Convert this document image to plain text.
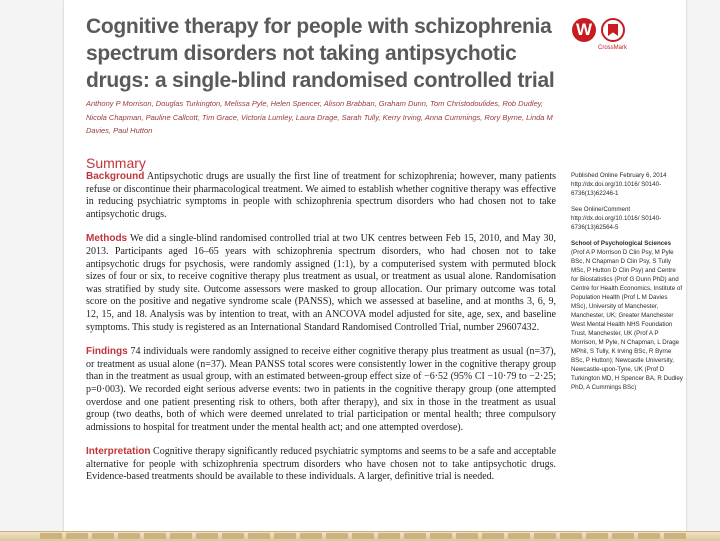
Cognitive therapy for people with schizophrenia spectrum disorders not taking antipsychotic drugs: a single-blind randomised controlled trial
W
CrossMark

Anthony P Morrison, Douglas Turkington, Melissa Pyle, Helen Spencer, Alison Brabban, Graham Dunn, Tom Christodoulides, Rob Dudley, Nicola Chapman, Pauline Callcott, Tim Grace, Victoria Lumley, Laura Drage, Sarah Tully, Kerry Irving, Anna Cummings, Rory Byrne, Linda M Davies, Paul Hutton

Summary

Background Antipsychotic drugs are usually the first line of treatment for schizophrenia; however, many patients refuse or discontinue their pharmacological treatment. We aimed to establish whether cognitive therapy was effective in reducing psychiatric symptoms in people with schizophrenia spectrum disorders who had chosen not to take antipsychotic drugs.

Methods We did a single-blind randomised controlled trial at two UK centres between Feb 15, 2010, and May 30, 2013. Participants aged 16–65 years with schizophrenia spectrum disorders, who had chosen not to take antipsychotic drugs for psychosis, were randomly assigned (1:1), by a computerised system with permuted block sizes of four or six, to receive cognitive therapy plus treatment as usual, or treatment as usual alone. Randomisation was stratified by study site. Outcome assessors were masked to group allocation. Our primary outcome was total score on the positive and negative syndrome scale (PANSS), which we assessed at baseline, and at months 3, 6, 9, 12, 15, and 18. Analysis was by intention to treat, with an ANCOVA model adjusted for site, age, sex, and baseline symptoms. This study is registered as an International Standard Randomised Controlled Trial, number 29607432.

Findings 74 individuals were randomly assigned to receive either cognitive therapy plus treatment as usual (n=37), or treatment as usual alone (n=37). Mean PANSS total scores were consistently lower in the cognitive therapy group than in the treatment as usual group, with an estimated between-group effect size of −6·52 (95% CI −10·79 to −2·25; p=0·003). We recorded eight serious adverse events: two in patients in the cognitive therapy group (one attempted overdose and one patient presenting risk to others, both after therapy), and six in those in the treatment as usual group (two deaths, both of which were deemed unrelated to trial participation or mental health; three compulsory admissions to hospital for treatment under the mental health act; and one attempted overdose).

Interpretation Cognitive therapy significantly reduced psychiatric symptoms and seems to be a safe and acceptable alternative for people with schizophrenia spectrum disorders who have chosen not to take antipsychotic drugs. Evidence-based treatments should be available to these individuals. A larger, definitive trial is needed.

Published Online February 6, 2014 http://dx.doi.org/10.1016/ S0140-6736(13)62246-1

See Online/Comment http://dx.doi.org/10.1016/ S0140-6736(13)62564-5

School of Psychological Sciences (Prof A P Morrison D Clin Psy, M Pyle BSc, N Chapman D Clin Psy, S Tully MSc, P Hutton D Clin Psy) and Centre for Biostatistics (Prof G Dunn PhD) and Centre for Health Economics, Institute of Population Health (Prof L M Davies MSc), University of Manchester, Manchester, UK; Greater Manchester West Mental Health NHS Foundation Trust, Manchester, UK (Prof A P Morrison, M Pyle, N Chapman, L Drage MPhil, S Tully, K Irving BSc, R Byrne BSc, P Hutton); Newcastle University, Newcastle-upon-Tyne, UK (Prof D Turkington MD, H Spencer BA, R Dudley PhD, A Cummings BSc)
